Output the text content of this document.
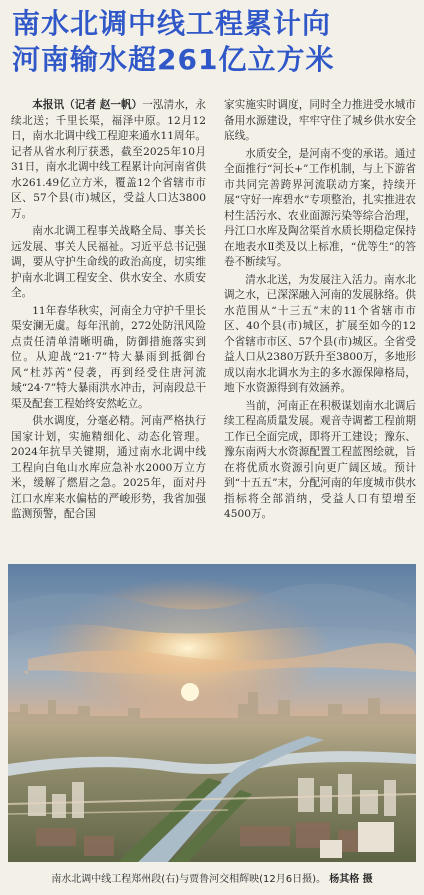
南水北调中线工程累计向
河南输水超261亿立方米

本报讯（记者 赵一帆）一泓清水，永续北送；千里长渠，福泽中原。12月12日，南水北调中线工程迎来通水11周年。记者从省水利厅获悉，截至2025年10月31日，南水北调中线工程累计向河南省供水261.49亿立方米，覆盖12个省辖市市区、57个县(市)城区，受益人口达3800万。

南水北调工程事关战略全局、事关长远发展、事关人民福祉。习近平总书记强调，要从守护生命线的政治高度，切实维护南水北调工程安全、供水安全、水质安全。

11年春华秋实，河南全力守护千里长渠安澜无虞。每年汛前，272处防汛风险点责任清单清晰明确，防御措施落实到位。从迎战“21·7”特大暴雨到抵御台风“杜苏芮”侵袭，再到经受住唐河流域“24·7”特大暴雨洪水冲击，河南段总干渠及配套工程始终安然屹立。

供水调度，分毫必精。河南严格执行国家计划，实施精细化、动态化管理。2024年抗旱关键期，通过南水北调中线工程向白龟山水库应急补水2000万立方米，缓解了燃眉之急。2025年，面对丹江口水库来水偏枯的严峻形势，我省加强监测预警，配合国

家实施实时调度，同时全力推进受水城市备用水源建设，牢牢守住了城乡供水安全底线。

水质安全，是河南不变的承诺。通过全面推行“河长+”工作机制，与上下游省市共同完善跨界河流联动方案，持续开展“守好一库碧水”专项整治，扎实推进农村生活污水、农业面源污染等综合治理，丹江口水库及陶岔渠首水质长期稳定保持在地表水Ⅱ类及以上标准，“优等生”的答卷不断续写。

清水北送，为发展注入活力。南水北调之水，已深深融入河南的发展脉络。供水范围从“十三五”末的11个省辖市市区、40个县(市)城区，扩展至如今的12个省辖市市区、57个县(市)城区。全省受益人口从2380万跃升至3800万，多地形成以南水北调水为主的多水源保障格局，地下水资源得到有效涵养。

当前，河南正在积极谋划南水北调后续工程高质量发展。观音寺调蓄工程前期工作已全面完成，即将开工建设；豫东、豫东南两大水资源配置工程蓝图绘就，旨在将优质水资源引向更广阔区域。预计到“十五五”末，分配河南的年度城市供水指标将全部消纳，受益人口有望增至4500万。

南水北调中线工程郑州段(右)与贾鲁河交相辉映(12月6日摄)。 杨其格 摄
